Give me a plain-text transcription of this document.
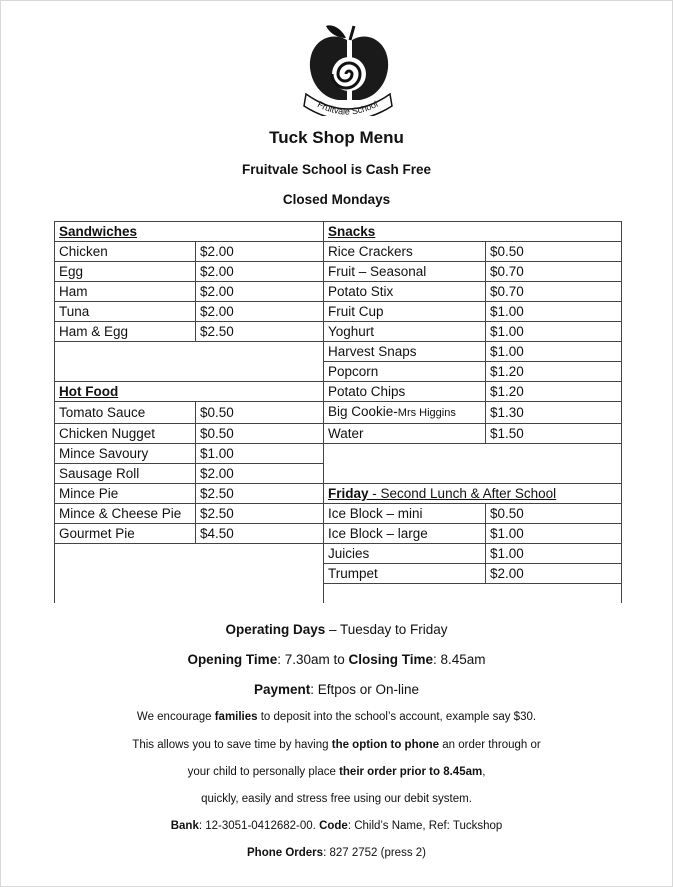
Fruitvale School
Tuck Shop Menu
Fruitvale School is Cash Free
Closed Mondays
Sandwiches		Snacks	
Chicken	$2.00	Rice Crackers	$0.50
Egg	$2.00	Fruit – Seasonal	$0.70
Ham	$2.00	Potato Stix	$0.70
Tuna	$2.00	Fruit Cup	$1.00
Ham & Egg	$2.50	Yoghurt	$1.00
		Harvest Snaps	$1.00
		Popcorn	$1.20
Hot Food		Potato Chips	$1.20
Tomato Sauce	$0.50	Big Cookie-Mrs Higgins	$1.30
Chicken Nugget	$0.50	Water	$1.50
Mince Savoury	$1.00		
Sausage Roll	$2.00		
Mince Pie	$2.50	Friday - Second Lunch & After School	
Mince & Cheese Pie	$2.50	Ice Block – mini	$0.50
Gourmet Pie	$4.50	Ice Block – large	$1.00
		Juicies	$1.00
		Trumpet	$2.00

Operating Days – Tuesday to Friday
Opening Time: 7.30am to Closing Time: 8.45am
Payment: Eftpos or On-line
We encourage families to deposit into the school’s account, example say $30.
This allows you to save time by having the option to phone an order through or
your child to personally place their order prior to 8.45am,
quickly, easily and stress free using our debit system.
Bank: 12-3051-0412682-00. Code: Child’s Name, Ref: Tuckshop
Phone Orders: 827 2752 (press 2)
